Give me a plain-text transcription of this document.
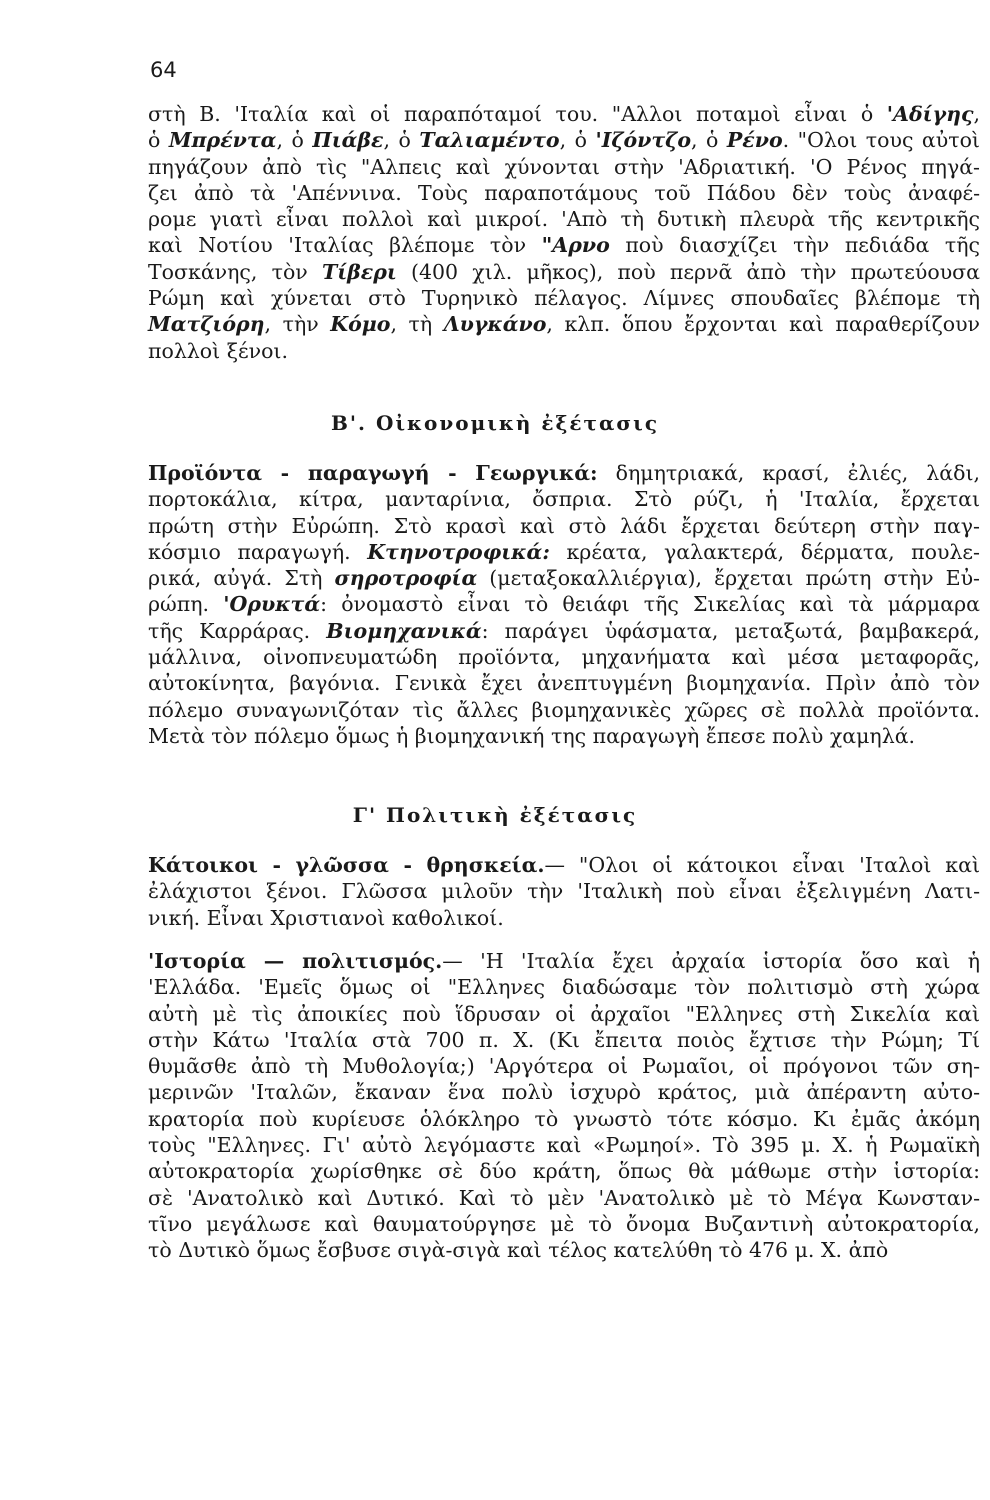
64
στὴ Β. 'Ιταλία καὶ οἱ παραπόταμοί του. "Αλλοι ποταμοὶ εἶναι ὁ 'Αδίγης,
ὁ Μπρέντα, ὁ Πιάβε, ὁ Ταλιαμέντο, ὁ 'Ιζόντζο, ὁ Ρένο. "Ολοι τους αὐτοὶ
πηγάζουν ἀπὸ τὶς "Αλπεις καὶ χύνονται στὴν 'Αδριατική. 'Ο Ρένος πηγά-
ζει ἀπὸ τὰ 'Απέννινα. Τοὺς παραποτάμους τοῦ Πάδου δὲν τοὺς ἀναφέ-
ρομε γιατὶ εἶναι πολλοὶ καὶ μικροί. 'Απὸ τὴ δυτικὴ πλευρὰ τῆς κεντρικῆς
καὶ Νοτίου 'Ιταλίας βλέπομε τὸν "Αρνο ποὺ διασχίζει τὴν πεδιάδα τῆς
Τοσκάνης, τὸν Τίβερι (400 χιλ. μῆκος), ποὺ περνᾶ ἀπὸ τὴν πρωτεύουσα
Ρώμη καὶ χύνεται στὸ Τυρηνικὸ πέλαγος. Λίμνες σπουδαῖες βλέπομε τὴ
Ματζιόρη, τὴν Κόμο, τὴ Λυγκάνο, κλπ. ὅπου ἔρχονται καὶ παραθερίζουν
πολλοὶ ξένοι.
Β'. Οἰκονομικὴ ἐξέτασις
Προϊόντα - παραγωγή - Γεωργικά: δημητριακά, κρασί, ἐλιές, λάδι,
πορτοκάλια, κίτρα, μανταρίνια, ὄσπρια. Στὸ ρύζι, ἡ 'Ιταλία, ἔρχεται
πρώτη στὴν Εὐρώπη. Στὸ κρασὶ καὶ στὸ λάδι ἔρχεται δεύτερη στὴν παγ-
κόσμιο παραγωγή. Κτηνοτροφικά: κρέατα, γαλακτερά, δέρματα, πουλε-
ρικά, αὐγά. Στὴ σηροτροφία (μεταξοκαλλιέργια), ἔρχεται πρώτη στὴν Εὐ-
ρώπη. 'Ορυκτά: ὀνομαστὸ εἶναι τὸ θειάφι τῆς Σικελίας καὶ τὰ μάρμαρα
τῆς Καρράρας. Βιομηχανικά: παράγει ὑφάσματα, μεταξωτά, βαμβακερά,
μάλλινα, οἰνοπνευματώδη προϊόντα, μηχανήματα καὶ μέσα μεταφορᾶς,
αὐτοκίνητα, βαγόνια. Γενικὰ ἔχει ἀνεπτυγμένη βιομηχανία. Πρὶν ἀπὸ τὸν
πόλεμο συναγωνιζόταν τὶς ἄλλες βιομηχανικὲς χῶρες σὲ πολλὰ προϊόντα.
Μετὰ τὸν πόλεμο ὅμως ἡ βιομηχανική της παραγωγὴ ἔπεσε πολὺ χαμηλά.
Γ' Πολιτικὴ ἐξέτασις
Κάτοικοι - γλῶσσα - θρησκεία.— "Ολοι οἱ κάτοικοι εἶναι 'Ιταλοὶ καὶ
ἐλάχιστοι ξένοι. Γλῶσσα μιλοῦν τὴν 'Ιταλικὴ ποὺ εἶναι ἐξελιγμένη Λατι-
νική. Εἶναι Χριστιανοὶ καθολικοί.
'Ιστορία — πολιτισμός.— 'Η 'Ιταλία ἔχει ἀρχαία ἱστορία ὅσο καὶ ἡ
'Ελλάδα. 'Εμεῖς ὅμως οἱ "Ελληνες διαδώσαμε τὸν πολιτισμὸ στὴ χώρα
αὐτὴ μὲ τὶς ἀποικίες ποὺ ἵδρυσαν οἱ ἀρχαῖοι "Ελληνες στὴ Σικελία καὶ
στὴν Κάτω 'Ιταλία στὰ 700 π. Χ. (Κι ἔπειτα ποιὸς ἔχτισε τὴν Ρώμη; Τί
θυμᾶσθε ἀπὸ τὴ Μυθολογία;) 'Αργότερα οἱ Ρωμαῖοι, οἱ πρόγονοι τῶν ση-
μερινῶν 'Ιταλῶν, ἔκαναν ἕνα πολὺ ἰσχυρὸ κράτος, μιὰ ἀπέραντη αὐτο-
κρατορία ποὺ κυρίευσε ὁλόκληρο τὸ γνωστὸ τότε κόσμο. Κι ἐμᾶς ἀκόμη
τοὺς "Ελληνες. Γι' αὐτὸ λεγόμαστε καὶ «Ρωμηοί». Τὸ 395 μ. Χ. ἡ Ρωμαϊκὴ
αὐτοκρατορία χωρίσθηκε σὲ δύο κράτη, ὅπως θὰ μάθωμε στὴν ἱστορία:
σὲ 'Ανατολικὸ καὶ Δυτικό. Καὶ τὸ μὲν 'Ανατολικὸ μὲ τὸ Μέγα Κωνσταν-
τῖνο μεγάλωσε καὶ θαυματούργησε μὲ τὸ ὄνομα Βυζαντινὴ αὐτοκρατορία,
τὸ Δυτικὸ ὅμως ἔσβυσε σιγὰ-σιγὰ καὶ τέλος κατελύθη τὸ 476 μ. Χ. ἀπὸ
